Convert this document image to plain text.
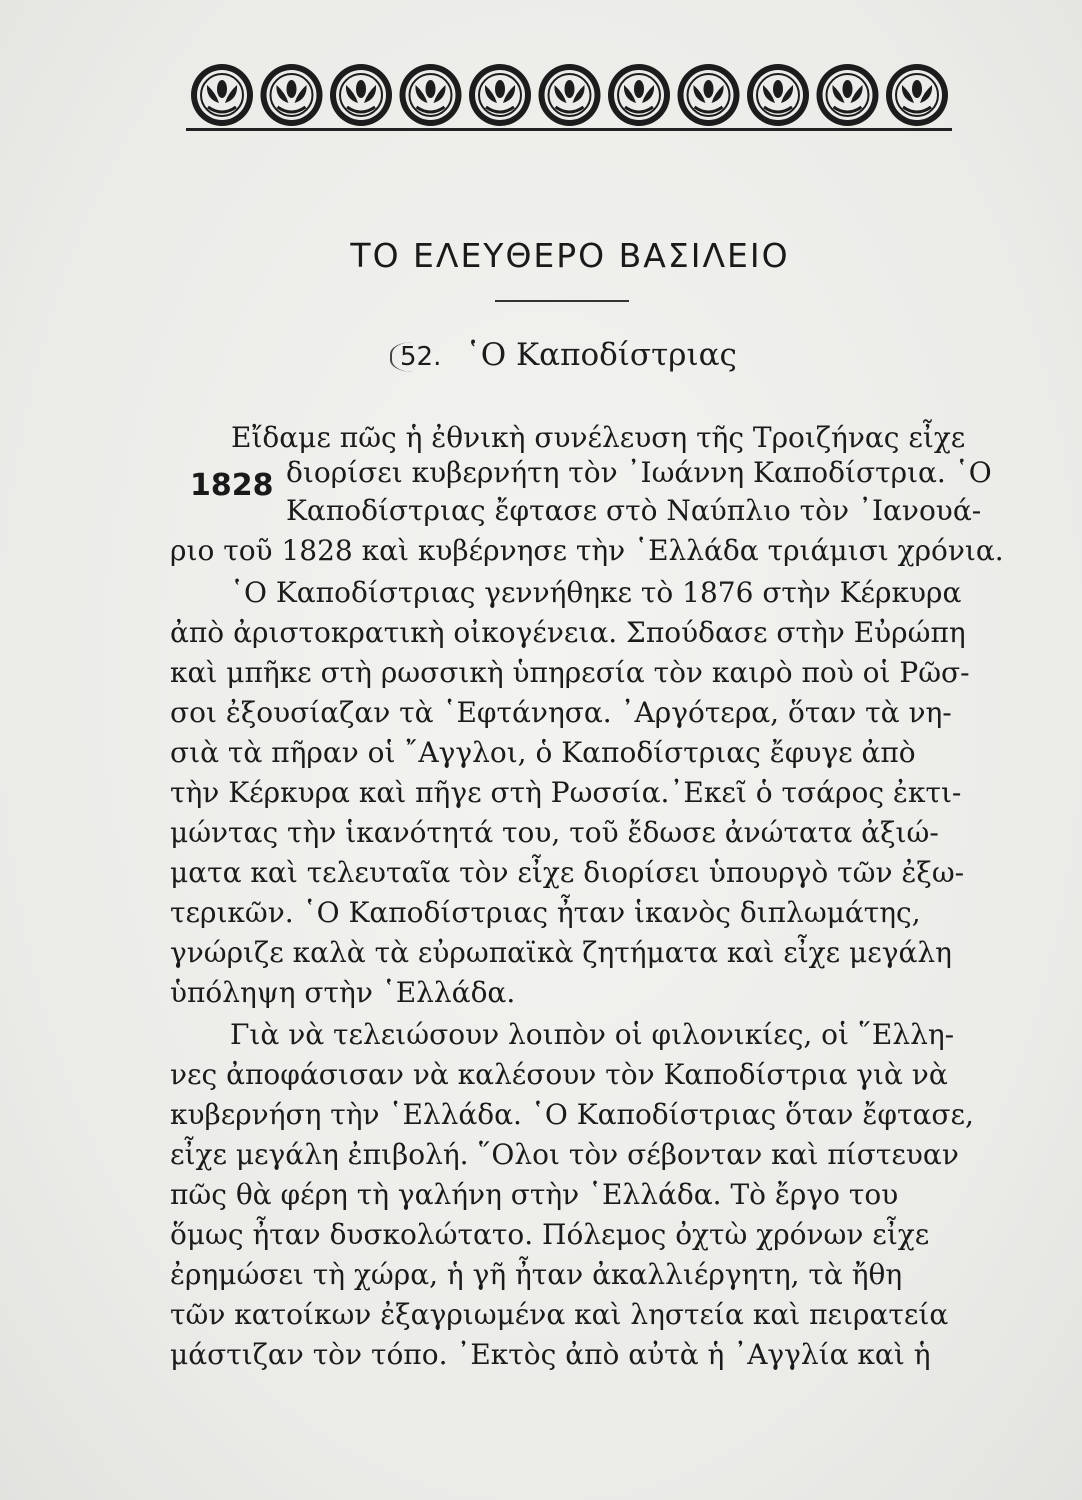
ΤΟ ΕΛΕΥΘΕΡΟ ΒΑΣΙΛΕΙΟ
52. ῾Ο Καποδίστριας
1828
Εἴδαμε πῶς ἡ ἐθνικὴ συνέλευση τῆς Τροιζήνας εἶχε
διορίσει κυβερνήτη τὸν ᾿Ιωάννη Καποδίστρια. ῾Ο
Καποδίστριας ἔφτασε στὸ Ναύπλιο τὸν ᾿Ιανουά-
ριο τοῦ 1828 καὶ κυβέρνησε τὴν ῾Ελλάδα τριάμισι χρόνια.
῾Ο Καποδίστριας γεννήθηκε τὸ 1876 στὴν Κέρκυρα
ἀπὸ ἀριστοκρατικὴ οἰκογένεια. Σπούδασε στὴν Εὐρώπη
καὶ μπῆκε στὴ ρωσσικὴ ὑπηρεσία τὸν καιρὸ ποὺ οἱ Ρῶσ-
σοι ἐξουσίαζαν τὰ ῾Εφτάνησα. ᾿Αργότερα, ὅταν τὰ νη-
σιὰ τὰ πῆραν οἱ ῎Αγγλοι, ὁ Καποδίστριας ἔφυγε ἀπὸ
τὴν Κέρκυρα καὶ πῆγε στὴ Ρωσσία.᾿Εκεῖ ὁ τσάρος ἐκτι-
μώντας τὴν ἱκανότητά του, τοῦ ἔδωσε ἀνώτατα ἀξιώ-
ματα καὶ τελευταῖα τὸν εἶχε διορίσει ὑπουργὸ τῶν ἐξω-
τερικῶν. ῾Ο Καποδίστριας ἦταν ἱκανὸς διπλωμάτης,
γνώριζε καλὰ τὰ εὐρωπαϊκὰ ζητήματα καὶ εἶχε μεγάλη
ὑπόληψη στὴν ῾Ελλάδα.
Γιὰ νὰ τελειώσουν λοιπὸν οἱ φιλονικίες, οἱ ῞Ελλη-
νες ἀποφάσισαν νὰ καλέσουν τὸν Καποδίστρια γιὰ νὰ
κυβερνήση τὴν ῾Ελλάδα. ῾Ο Καποδίστριας ὅταν ἔφτασε,
εἶχε μεγάλη ἐπιβολή. ῞Ολοι τὸν σέβονταν καὶ πίστευαν
πῶς θὰ φέρη τὴ γαλήνη στὴν ῾Ελλάδα. Τὸ ἔργο του
ὅμως ἦταν δυσκολώτατο. Πόλεμος ὀχτὼ χρόνων εἶχε
ἐρημώσει τὴ χώρα, ἡ γῆ ἦταν ἀκαλλιέργητη, τὰ ἤθη
τῶν κατοίκων ἐξαγριωμένα καὶ ληστεία καὶ πειρατεία
μάστιζαν τὸν τόπο. ᾿Εκτὸς ἀπὸ αὐτὰ ἡ ᾿Αγγλία καὶ ἡ
